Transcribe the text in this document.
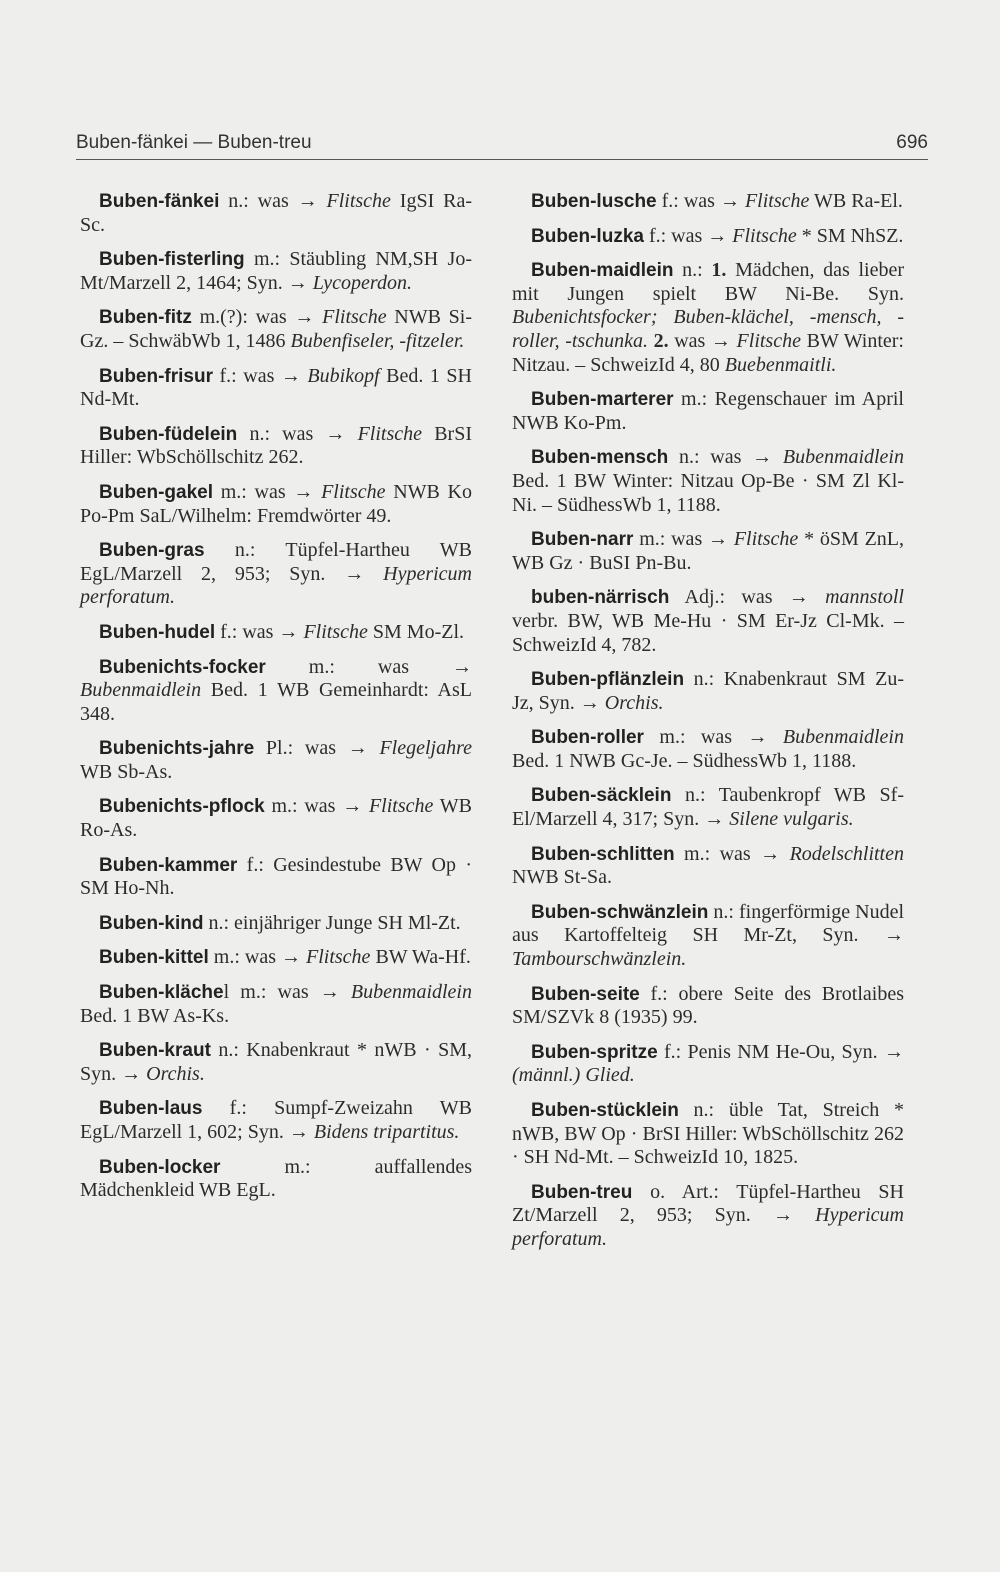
Buben-fänkei — Buben-treu	696

Buben-fänkei n.: was → Flitsche IgSI Ra-Sc.

Buben-fisterling m.: Stäubling NM,SH Jo-Mt/Marzell 2, 1464; Syn. → Lycoperdon.

Buben-fitz m.(?): was → Flitsche NWB Si-Gz. – SchwäbWb 1, 1486 Bubenfiseler, -fitzeler.

Buben-frisur f.: was → Bubikopf Bed. 1 SH Nd-Mt.

Buben-füdelein n.: was → Flitsche BrSI Hiller: WbSchöllschitz 262.

Buben-gakel m.: was → Flitsche NWB Ko Po-Pm SaL/Wilhelm: Fremdwörter 49.

Buben-gras n.: Tüpfel-Hartheu WB EgL/Marzell 2, 953; Syn. → Hypericum perforatum.

Buben-hudel f.: was → Flitsche SM Mo-Zl.

Bubenichts-focker m.: was → Bubenmaidlein Bed. 1 WB Gemeinhardt: AsL 348.

Bubenichts-jahre Pl.: was → Flegeljahre WB Sb-As.

Bubenichts-pflock m.: was → Flitsche WB Ro-As.

Buben-kammer f.: Gesindestube BW Op · SM Ho-Nh.

Buben-kind n.: einjähriger Junge SH Ml-Zt.

Buben-kittel m.: was → Flitsche BW Wa-Hf.

Buben-klächel m.: was → Bubenmaidlein Bed. 1 BW As-Ks.

Buben-kraut n.: Knabenkraut * nWB · SM, Syn. → Orchis.

Buben-laus f.: Sumpf-Zweizahn WB EgL/Marzell 1, 602; Syn. → Bidens tripartitus.

Buben-locker m.: auffallendes Mädchenkleid WB EgL.

Buben-lusche f.: was → Flitsche WB Ra-El.

Buben-luzka f.: was → Flitsche * SM NhSZ.

Buben-maidlein n.: 1. Mädchen, das lieber mit Jungen spielt BW Ni-Be. Syn. Bubenichtsfocker; Buben-klächel, -mensch, -roller, -tschunka. 2. was → Flitsche BW Winter: Nitzau. – SchweizId 4, 80 Buebenmaitli.

Buben-marterer m.: Regenschauer im April NWB Ko-Pm.

Buben-mensch n.: was → Bubenmaidlein Bed. 1 BW Winter: Nitzau Op-Be · SM Zl Kl-Ni. – SüdhessWb 1, 1188.

Buben-narr m.: was → Flitsche * öSM ZnL, WB Gz · BuSI Pn-Bu.

buben-närrisch Adj.: was → mannstoll verbr. BW, WB Me-Hu · SM Er-Jz Cl-Mk. – SchweizId 4, 782.

Buben-pflänzlein n.: Knabenkraut SM Zu-Jz, Syn. → Orchis.

Buben-roller m.: was → Bubenmaidlein Bed. 1 NWB Gc-Je. – SüdhessWb 1, 1188.

Buben-säcklein n.: Taubenkropf WB Sf-El/Marzell 4, 317; Syn. → Silene vulgaris.

Buben-schlitten m.: was → Rodelschlitten NWB St-Sa.

Buben-schwänzlein n.: fingerförmige Nudel aus Kartoffelteig SH Mr-Zt, Syn. → Tambourschwänzlein.

Buben-seite f.: obere Seite des Brotlaibes SM/SZVk 8 (1935) 99.

Buben-spritze f.: Penis NM He-Ou, Syn. → (männl.) Glied.

Buben-stücklein n.: üble Tat, Streich * nWB, BW Op · BrSI Hiller: WbSchöllschitz 262 · SH Nd-Mt. – SchweizId 10, 1825.

Buben-treu o. Art.: Tüpfel-Hartheu SH Zt/Marzell 2, 953; Syn. → Hypericum perforatum.
